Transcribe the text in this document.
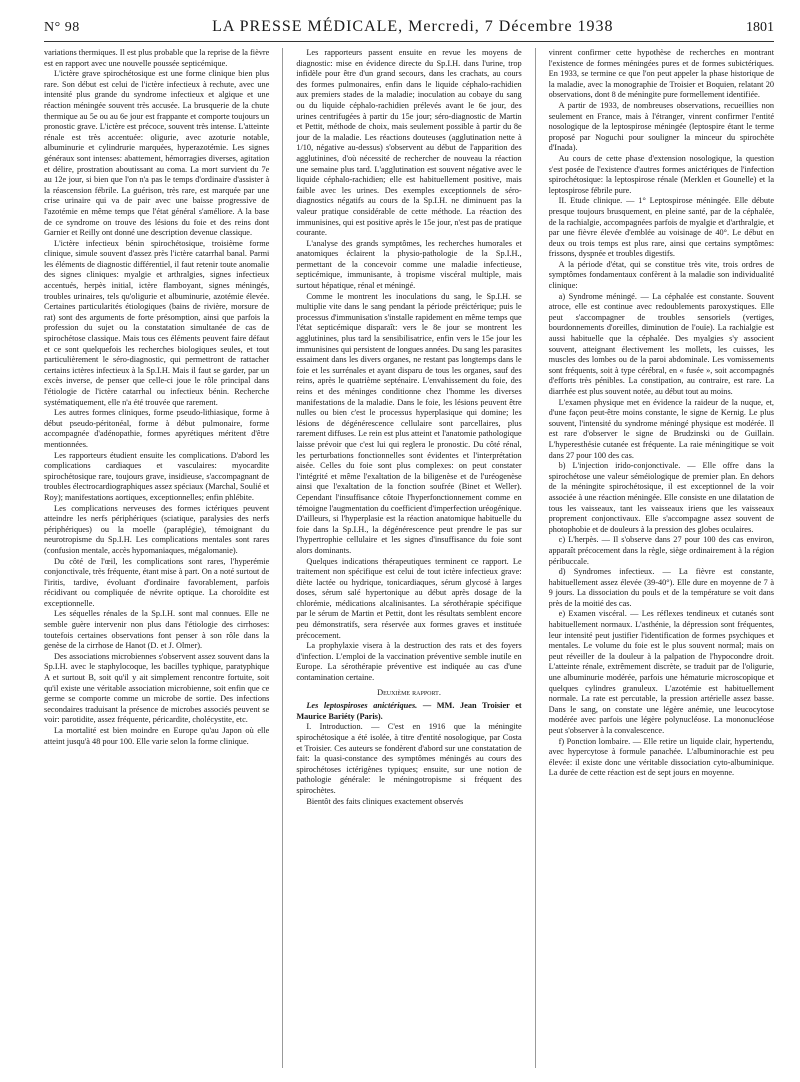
N° 98	LA PRESSE MÉDICALE, Mercredi, 7 Décembre 1938	1801

variations thermiques. Il est plus probable que la reprise de la fièvre est en rapport avec une nouvelle poussée septicémique.

L'ictère grave spirochétosique est une forme clinique bien plus rare. Son début est celui de l'ictère infectieux à rechute, avec une intensité plus grande du syndrome infectieux et algique et une réaction méningée souvent très accusée. La brusquerie de la chute thermique au 5e ou au 6e jour est frappante et comporte toujours un pronostic grave. L'ictère est précoce, souvent très intense. L'atteinte rénale est très accentuée: oligurie, avec azoturie notable, albuminurie et cylindrurie marquées, hyperazotémie. Les signes généraux sont intenses: abattement, hémorragies diverses, agitation et délire, prostration aboutissant au coma. La mort survient du 7e au 12e jour, si bien que l'on n'a pas le temps d'ordinaire d'assister à la réascension fébrile. La guérison, très rare, est marquée par une crise urinaire qui va de pair avec une baisse progressive de l'azotémie en même temps que l'état général s'améliore. A la base de ce syndrome on trouve des lésions du foie et des reins dont Garnier et Reilly ont donné une description devenue classique.

L'ictère infectieux bénin spirochétosique, troisième forme clinique, simule souvent d'assez près l'ictère catarrhal banal. Parmi les éléments de diagnostic différentiel, il faut retenir toute anomalie des signes cliniques: myalgie et arthralgies, signes infectieux accentués, herpès initial, ictère flamboyant, signes méningés, troubles urinaires, tels qu'oligurie et albuminurie, azotémie élevée. Certaines particularités étiologiques (bains de rivière, morsure de rat) sont des arguments de forte présomption, ainsi que parfois la profession du sujet ou la constatation simultanée de cas de spirochétose classique. Mais tous ces éléments peuvent faire défaut et ce sont quelquefois les recherches biologiques seules, et tout particulièrement le séro-diagnostic, qui permettront de rattacher certains ictères infectieux à la Sp.I.H. Mais il faut se garder, par un excès inverse, de penser que celle-ci joue le rôle principal dans l'étiologie de l'ictère catarrhal ou infectieux bénin. Recherche systématiquement, elle n'a été trouvée que rarement.

Les autres formes cliniques, forme pseudo-lithiasique, forme à début pseudo-péritonéal, forme à début pulmonaire, forme accompagnée d'adénopathie, formes apyrétiques méritent d'être mentionnées.

Les rapporteurs étudient ensuite les complications. D'abord les complications cardiaques et vasculaires: myocardite spirochétosique rare, toujours grave, insidieuse, s'accompagnant de troubles électrocardiographiques assez spéciaux (Marchal, Soulié et Roy); manifestations aortiques, exceptionnelles; enfin phlébite.

Les complications nerveuses des formes ictériques peuvent atteindre les nerfs périphériques (sciatique, paralysies des nerfs périphériques) ou la moelle (paraplégie), témoignant du neurotropisme du Sp.I.H. Les complications mentales sont rares (confusion mentale, accès hypomaniaques, mégalomanie).

Du côté de l'œil, les complications sont rares, l'hyperémie conjonctivale, très fréquente, étant mise à part. On a noté surtout de l'iritis, tardive, évoluant d'ordinaire favorablement, parfois récidivant ou compliquée de névrite optique. La choroïdite est exceptionnelle.

Les séquelles rénales de la Sp.I.H. sont mal connues. Elle ne semble guère intervenir non plus dans l'étiologie des cirrhoses: toutefois certaines observations font penser à son rôle dans la genèse de la cirrhose de Hanot (D. et J. Olmer).

Des associations microbiennes s'observent assez souvent dans la Sp.I.H. avec le staphylocoque, les bacilles typhique, paratyphique A et surtout B, soit qu'il y ait simplement rencontre fortuite, soit qu'il existe une véritable association microbienne, soit enfin que ce germe se comporte comme un microbe de sortie. Des infections secondaires traduisant la présence de microbes associés peuvent se voir: parotidite, assez fréquente, péricardite, cholécystite, etc.

La mortalité est bien moindre en Europe qu'au Japon où elle atteint jusqu'à 48 pour 100. Elle varie selon la forme clinique.

Les rapporteurs passent ensuite en revue les moyens de diagnostic: mise en évidence directe du Sp.I.H. dans l'urine, trop infidèle pour être d'un grand secours, dans les crachats, au cours des formes pulmonaires, enfin dans le liquide céphalo-rachidien aux premiers stades de la maladie; inoculation au cobaye du sang ou du liquide céphalo-rachidien prélevés avant le 6e jour, des urines centrifugées à partir du 15e jour; séro-diagnostic de Martin et Pettit, méthode de choix, mais seulement possible à partir du 8e jour de la maladie. Les réactions douteuses (agglutination nette à 1/10, négative au-dessus) s'observent au début de l'apparition des agglutinines, d'où nécessité de rechercher de nouveau la réaction une semaine plus tard. L'agglutination est souvent négative avec le liquide céphalo-rachidien; elle est habituellement positive, mais faible avec les urines. Des exemples exceptionnels de séro-diagnostics négatifs au cours de la Sp.I.H. ne diminuent pas la valeur pratique considérable de cette méthode. La réaction des immunisines, qui est positive après le 15e jour, n'est pas de pratique courante.

L'analyse des grands symptômes, les recherches humorales et anatomiques éclairent la physio-pathologie de la Sp.I.H., permettant de la concevoir comme une maladie infectieuse, septicémique, immunisante, à tropisme viscéral multiple, mais surtout hépatique, rénal et méningé.

Comme le montrent les inoculations du sang, le Sp.I.H. se multiplie vite dans le sang pendant la période préictérique; puis le processus d'immunisation s'installe rapidement en même temps que l'état septicémique disparaît: vers le 8e jour se montrent les agglutinines, plus tard la sensibilisatrice, enfin vers le 15e jour les immunisines qui persistent de longues années. Du sang les parasites essaiment dans les divers organes, ne restant pas longtemps dans le foie et les surrénales et ayant disparu de tous les organes, sauf des reins, après le quatrième septénaire. L'envahissement du foie, des reins et des méninges conditionne chez l'homme les diverses manifestations de la maladie. Dans le foie, les lésions peuvent être nulles ou bien c'est le processus hyperplasique qui domine; les lésions de dégénérescence cellulaire sont parcellaires, plus rarement diffuses. Le rein est plus atteint et l'anatomie pathologique laisse prévoir que c'est lui qui reglera le pronostic. Du côté rénal, les perturbations fonctionnelles sont évidentes et l'interprétation aisée. Celles du foie sont plus complexes: on peut constater l'intégrité et même l'exaltation de la biligenèse et de l'uréogenèse ainsi que l'exaltation de la fonction soufrée (Binet et Weller). Cependant l'insuffisance côtoie l'hyperfonctionnement comme en témoigne l'augmentation du coefficient d'imperfection uréogénique. D'ailleurs, si l'hyperplasie est la réaction anatomique habituelle du foie dans la Sp.I.H., la dégénérescence peut prendre le pas sur l'hypertrophie cellulaire et les signes d'insuffisance du foie sont alors dominants.

Quelques indications thérapeutiques terminent ce rapport. Le traitement non spécifique est celui de tout ictère infectieux grave: diète lactée ou hydrique, tonicardiaques, sérum glycosé à larges doses, sérum salé hypertonique au début après dosage de la chlorémie, médications alcalinisantes. La sérothérapie spécifique par le sérum de Martin et Pettit, dont les résultats semblent encore peu démonstratifs, sera réservée aux formes graves et instituée précocement.

La prophylaxie visera à la destruction des rats et des foyers d'infection. L'emploi de la vaccination préventive semble inutile en Europe. La sérothérapie préventive est indiquée au cas d'une contamination certaine.

Deuxième rapport.

Les leptospiroses anictériques. — MM. Jean Troisier et Maurice Bariéty (Paris).

I. Introduction. — C'est en 1916 que la méningite spirochétosique a été isolée, à titre d'entité nosologique, par Costa et Troisier. Ces auteurs se fondèrent d'abord sur une constatation de fait: la quasi-constance des symptômes méningés au cours des spirochétoses ictérigènes typiques; ensuite, sur une notion de pathologie générale: le méningotropisme si fréquent des spirochètes.

Bientôt des faits cliniques exactement observés

vinrent confirmer cette hypothèse de recherches en montrant l'existence de formes méningées pures et de formes subictériques. En 1933, se termine ce que l'on peut appeler la phase historique de la maladie, avec la monographie de Troisier et Boquien, relatant 20 observations, dont 8 de méningite pure formellement identifiée.

A partir de 1933, de nombreuses observations, recueillies non seulement en France, mais à l'étranger, vinrent confirmer l'entité nosologique de la leptospirose méningée (leptospire étant le terme proposé par Noguchi pour souligner la minceur du spirochète d'Inada).

Au cours de cette phase d'extension nosologique, la question s'est posée de l'existence d'autres formes anictériques de l'infection spirochétosique: la leptospirose rénale (Merklen et Gounelle) et la leptospirose fébrile pure.

II. Etude clinique. — 1° Leptospirose méningée. Elle débute presque toujours brusquement, en pleine santé, par de la céphalée, de la rachialgie, accompagnées parfois de myalgie et d'arthralgie, et par une fièvre élevée d'emblée au voisinage de 40°. Le début en deux ou trois temps est plus rare, ainsi que certains symptômes: frissons, dyspnée et troubles digestifs.

A la période d'état, qui se constitue très vite, trois ordres de symptômes fondamentaux confèrent à la maladie son individualité clinique:

a) Syndrome méningé. — La céphalée est constante. Souvent atroce, elle est continue avec redoublements paroxystiques. Elle peut s'accompagner de troubles sensoriels (vertiges, bourdonnements d'oreilles, diminution de l'ouïe). La rachialgie est aussi habituelle que la céphalée. Des myalgies s'y associent souvent, atteignant électivement les mollets, les cuisses, les muscles des lombes ou de la paroi abdominale. Les vomissements sont fréquents, soit à type cérébral, en « fusée », soit accompagnés d'efforts très pénibles. La constipation, au contraire, est rare. La diarrhée est plus souvent notée, au début tout au moins.

L'examen physique met en évidence la raideur de la nuque, et, d'une façon peut-être moins constante, le signe de Kernig. Le plus souvent, l'intensité du syndrome méningé physique est modérée. Il est rare d'observer le signe de Brudzinski ou de Guillain. L'hyperesthésie cutanée est fréquente. La raie méningitique se voit dans 27 pour 100 des cas.

b) L'injection irido-conjonctivale. — Elle offre dans la spirochétose une valeur séméiologique de premier plan. En dehors de la méningite spirochétosique, il est exceptionnel de la voir associée à une réaction méningée. Elle consiste en une dilatation de tous les vaisseaux, tant les vaisseaux iriens que les vaisseaux proprement conjonctivaux. Elle s'accompagne assez souvent de photophobie et de douleurs à la pression des globes oculaires.

c) L'herpès. — Il s'observe dans 27 pour 100 des cas environ, apparaît précocement dans la règle, siège ordinairement à la région péribuccale.

d) Syndromes infectieux. — La fièvre est constante, habituellement assez élevée (39-40°). Elle dure en moyenne de 7 à 9 jours. La dissociation du pouls et de la température se voit dans près de la moitié des cas.

e) Examen viscéral. — Les réflexes tendineux et cutanés sont habituellement normaux. L'asthénie, la dépression sont fréquentes, leur intensité peut justifier l'identification de formes psychiques et mentales. Le volume du foie est le plus souvent normal; mais on peut réveiller de la douleur à la palpation de l'hypocondre droit. L'atteinte rénale, extrêmement discrète, se traduit par de l'oligurie, une albuminurie modérée, parfois une hématurie microscopique et quelques cylindres granuleux. L'azotémie est habituellement normale. La rate est percutable, la pression artérielle assez basse. Dans le sang, on constate une légère anémie, une leucocytose modérée avec parfois une légère polynucléose. La mononucléose peut s'observer à la convalescence.

f) Ponction lombaire. — Elle retire un liquide clair, hypertendu, avec hypercytose à formule panachée. L'albuminorachie est peu élevée: il existe donc une véritable dissociation cyto-albuminique. La durée de cette réaction est de sept jours en moyenne.
